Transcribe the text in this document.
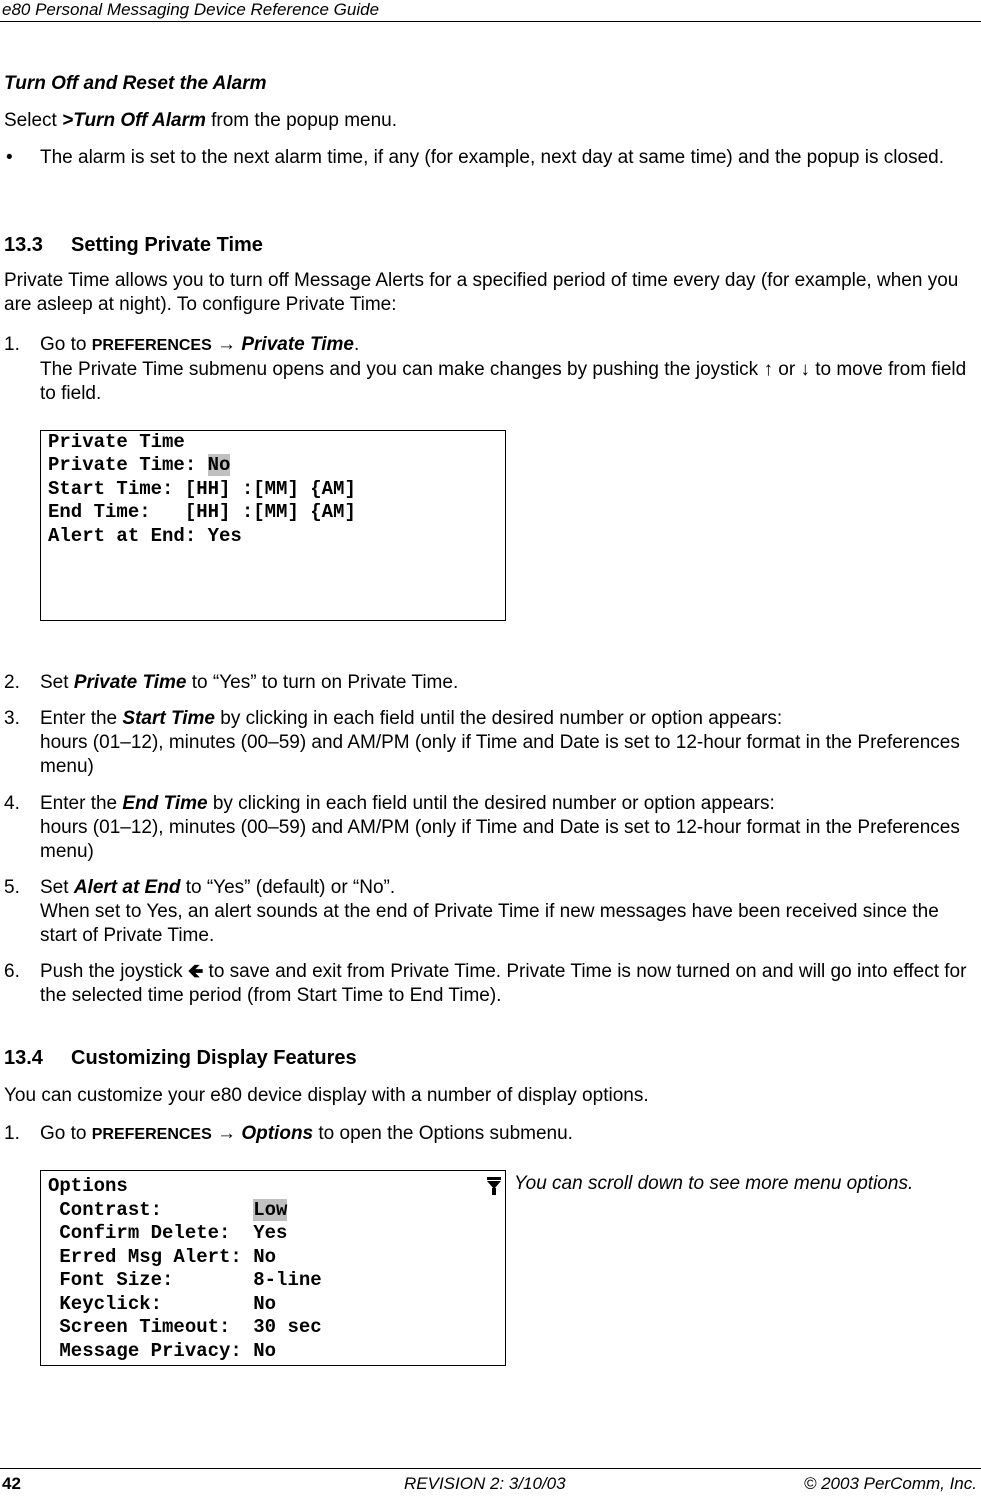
e80 Personal Messaging Device Reference Guide
Turn Off and Reset the Alarm
Select >Turn Off Alarm from the popup menu.
• The alarm is set to the next alarm time, if any (for example, next day at same time) and the popup is closed.
13.3 Setting Private Time
Private Time allows you to turn off Message Alerts for a specified period of time every day (for example, when you are asleep at night). To configure Private Time:
1. Go to PREFERENCES → Private Time.
The Private Time submenu opens and you can make changes by pushing the joystick ↑ or ↓ to move from field to field.

Private Time

Private Time: No

Start Time: [HH] :[MM] {AM]

End Time:   [HH] :[MM] {AM]

Alert at End: Yes

2. Set Private Time to “Yes” to turn on Private Time.
3. Enter the Start Time by clicking in each field until the desired number or option appears:
hours (01–12), minutes (00–59) and AM/PM (only if Time and Date is set to 12-hour format in the Preferences menu)
4. Enter the End Time by clicking in each field until the desired number or option appears:
hours (01–12), minutes (00–59) and AM/PM (only if Time and Date is set to 12-hour format in the Preferences menu)
5. Set Alert at End to “Yes” (default) or “No”.
When set to Yes, an alert sounds at the end of Private Time if new messages have been received since the start of Private Time.
6. Push the joystick 🡸 to save and exit from Private Time. Private Time is now turned on and will go into effect for the selected time period (from Start Time to End Time).
13.4 Customizing Display Features
You can customize your e80 device display with a number of display options.
1. Go to PREFERENCES → Options to open the Options submenu.

Options

Contrast:        Low

Confirm Delete:  Yes

Erred Msg Alert: No

Font Size:       8-line

Keyclick:        No

Screen Timeout:  30 sec

Message Privacy: No

You can scroll down to see more menu options.
42	REVISION 2: 3/10/03	© 2003 PerComm, Inc.
